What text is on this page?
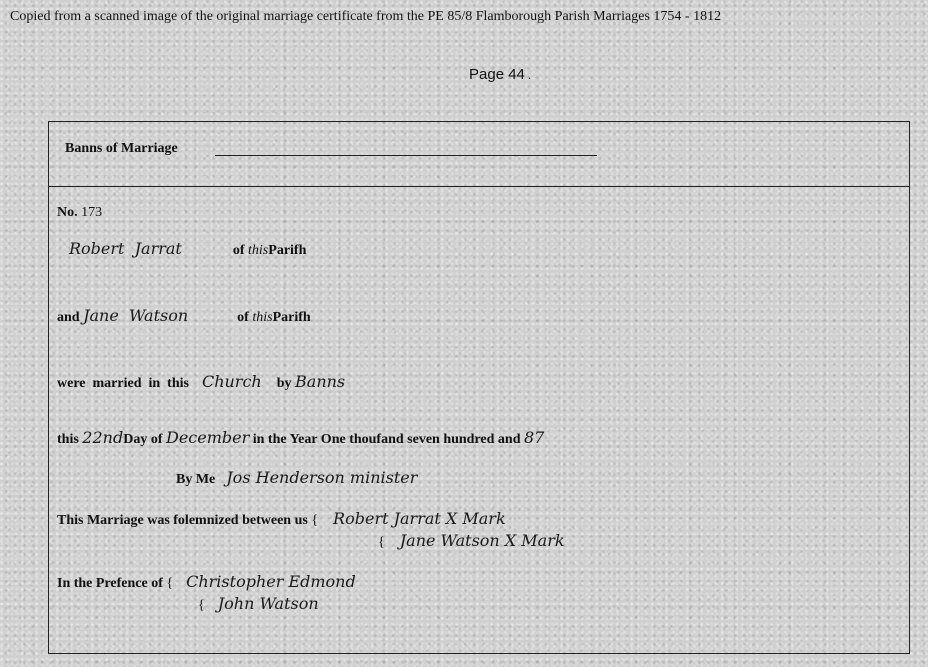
Copied from a scanned image of the original marriage certificate from the PE 85/8 Flamborough Parish Marriages 1754 - 1812
Page 44 .
Banns of Marriage
No. 173
Robert  Jarrat	of thisParifh
and Jane  Watson	of thisParifh
were  married  in  this Church by Banns
this 22ndDay of December in the Year One thoufand seven hundred and 87
By Me Jos Henderson minister
This Marriage was folemnized between us { Robert Jarrat X Mark
{ Jane Watson X Mark
In the Prefence of { Christopher Edmond
{ John Watson
